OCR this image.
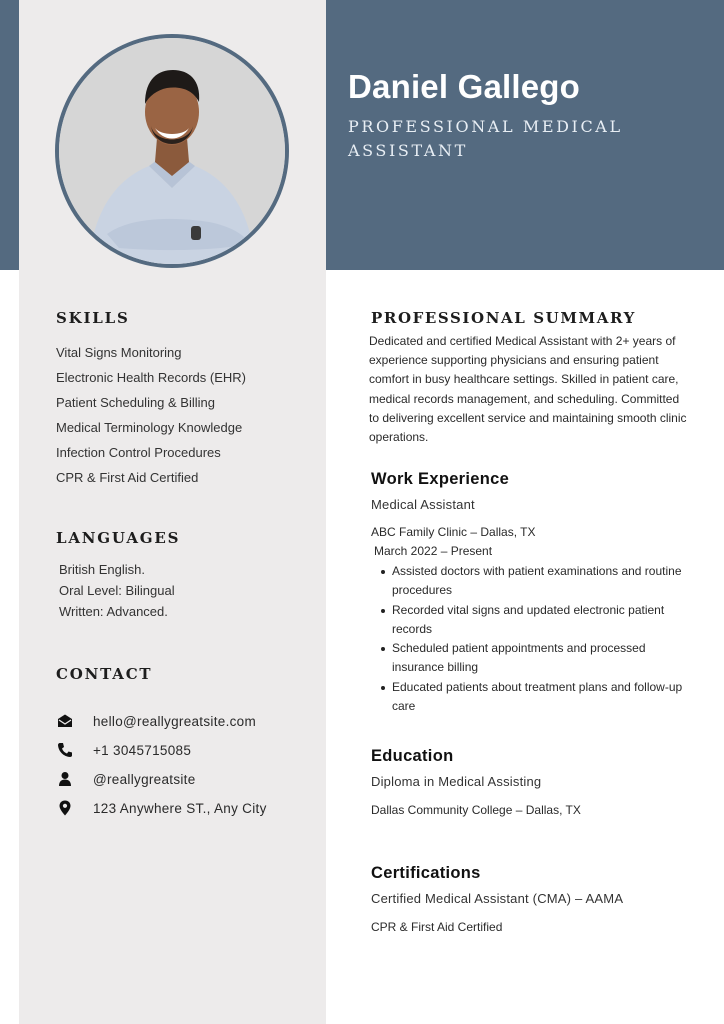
Daniel Gallego
PROFESSIONAL MEDICAL ASSISTANT
SKILLS
Vital Signs Monitoring
Electronic Health Records (EHR)
Patient Scheduling & Billing
Medical Terminology Knowledge
Infection Control Procedures
CPR & First Aid Certified
LANGUAGES
British English.
Oral Level: Bilingual
Written: Advanced.
CONTACT
hello@reallygreatsite.com
+1 3045715085
@reallygreatsite
123 Anywhere ST., Any City
PROFESSIONAL SUMMARY
Dedicated and certified Medical Assistant with 2+ years of experience supporting physicians and ensuring patient comfort in busy healthcare settings. Skilled in patient care, medical records management, and scheduling. Committed to delivering excellent service and maintaining smooth clinic operations.
Work Experience
Medical Assistant
ABC Family Clinic – Dallas, TX
March 2022 – Present
Assisted doctors with patient examinations and routine procedures
Recorded vital signs and updated electronic patient records
Scheduled patient appointments and processed insurance billing
Educated patients about treatment plans and follow-up care
Education
Diploma in Medical Assisting
Dallas Community College – Dallas, TX
Certifications
Certified Medical Assistant (CMA) – AAMA
CPR & First Aid Certified
